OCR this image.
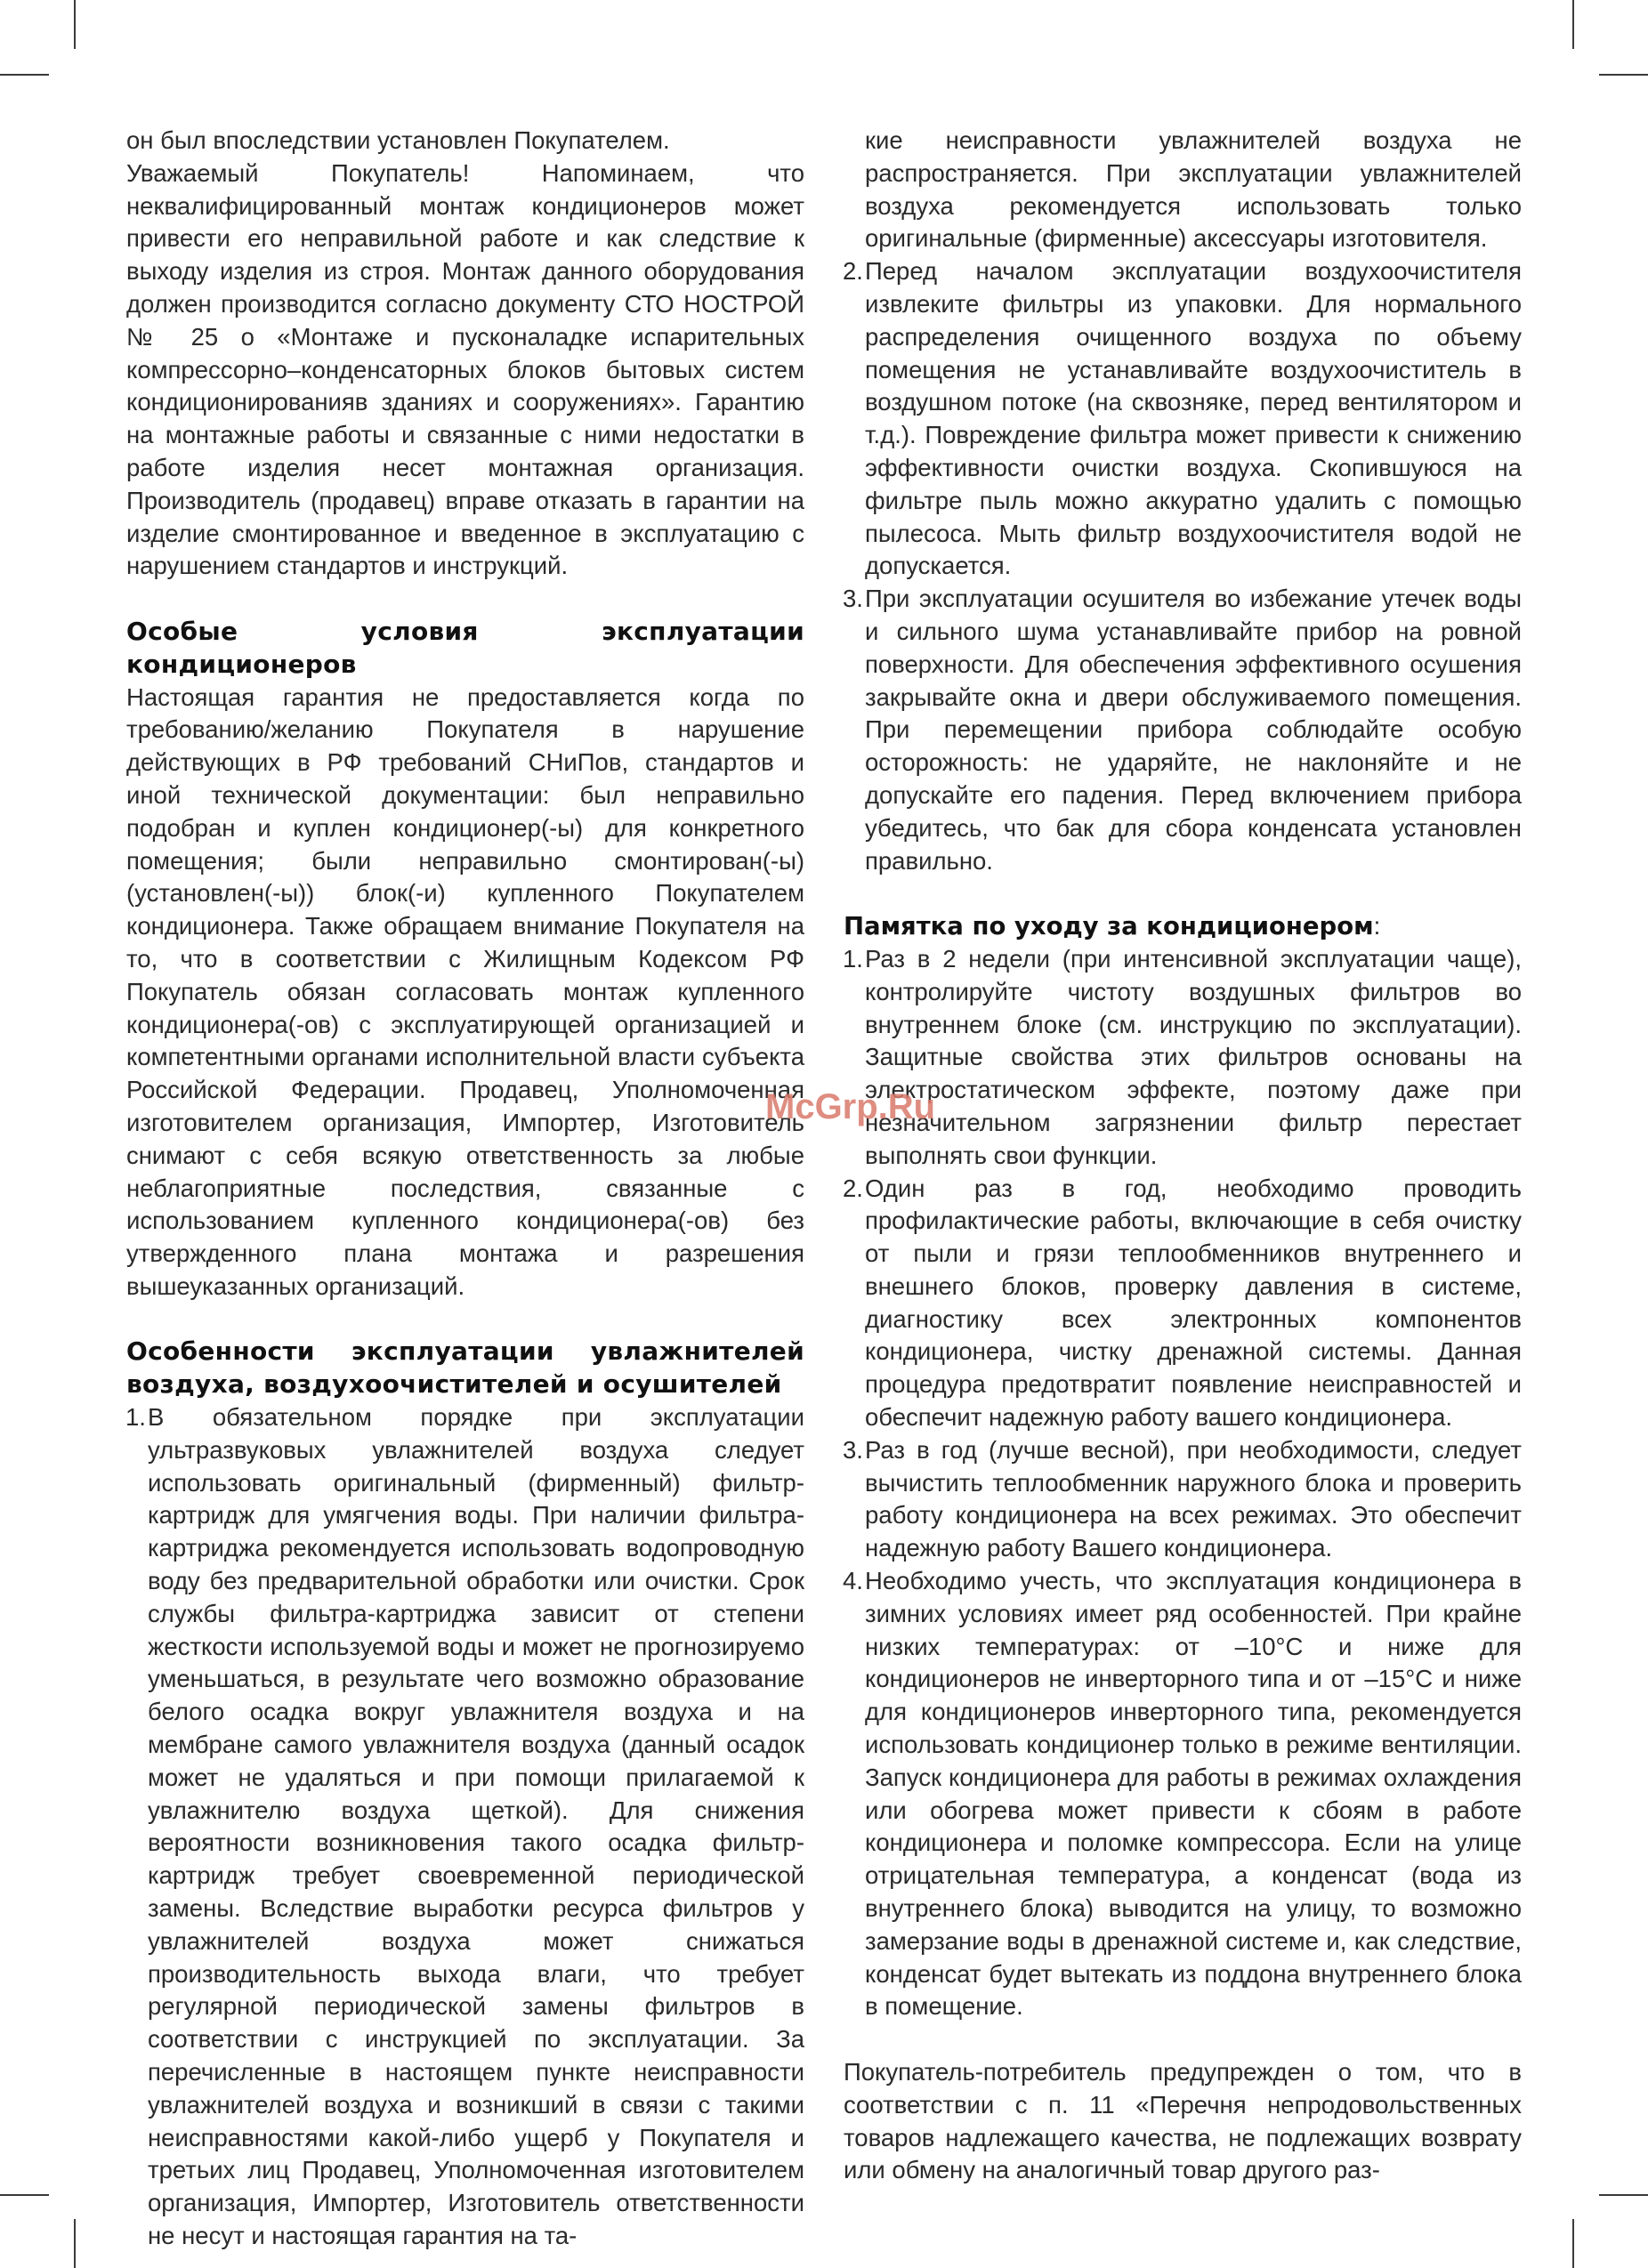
он был впоследствии установлен Покупателем.

Уважаемый Покупатель! Напоминаем, что неквалифицированный монтаж кондиционеров может привести его неправильной работе и как следствие к выходу изделия из строя. Монтаж данного оборудования должен производится согласно документу СТО НОСТРОЙ № 25 о «Монтаже и пусконаладке испарительных компрессорно–конденсаторных блоков бытовых систем кондиционированияв зданиях и сооружениях». Гарантию на монтажные работы и связанные с ними недостатки в работе изделия несет монтажная организация. Производитель (продавец) вправе отказать в гарантии на изделие смонтированное и введенное в эксплуатацию с нарушением стандартов и инструкций.

Особые условия эксплуатации кондиционеров

Настоящая гарантия не предоставляется когда по требованию/желанию Покупателя в нарушение действующих в РФ требований СНиПов, стандартов и иной технической документации: был неправильно подобран и куплен кондиционер(-ы) для конкретного помещения; были неправильно смонтирован(-ы) (установлен(-ы)) блок(-и) купленного Покупателем кондиционера. Также обращаем внимание Покупателя на то, что в соответствии с Жилищным Кодексом РФ Покупатель обязан согласовать монтаж купленного кондиционера(-ов) с эксплуатирующей организацией и компетентными органами исполнительной власти субъекта Российской Федерации. Продавец, Уполномоченная изготовителем организация, Импортер, Изготовитель снимают с себя всякую ответственность за любые неблагоприятные последствия, связанные с использованием купленного кондиционера(-ов) без утвержденного плана монтажа и разрешения вышеуказанных организаций.

Особенности эксплуатации увлажнителей воздуха, воздухоочистителей и осушителей
1. В обязательном порядке при эксплуатации ультразвуковых увлажнителей воздуха следует использовать оригинальный (фирменный) фильтр-картридж для умягчения воды. При наличии фильтра-картриджа рекомендуется использовать водопроводную воду без предварительной обработки или очистки. Срок службы фильтра-картриджа зависит от степени жесткости используемой воды и может не прогнозируемо уменьшаться, в результате чего возможно образование белого осадка вокруг увлажнителя воздуха и на мембране самого увлажнителя воздуха (данный осадок может не удаляться и при помощи прилагаемой к увлажнителю воздуха щеткой). Для снижения вероятности возникновения такого осадка фильтр-картридж требует своевременной периодической замены. Вследствие выработки ресурса фильтров у увлажнителей воздуха может снижаться производительность выхода влаги, что требует регулярной периодической замены фильтров в соответствии с инструкцией по эксплуатации. За перечисленные в настоящем пункте неисправности увлажнителей воздуха и возникший в связи с такими неисправностями какой-либо ущерб у Покупателя и третьих лиц Продавец, Уполномоченная изготовителем организация, Импортер, Изготовитель ответственности не несут и настоящая гарантия на та-

кие неисправности увлажнителей воздуха не распространяется. При эксплуатации увлажнителей воздуха рекомендуется использовать только оригинальные (фирменные) аксессуары изготовителя.

2. Перед началом эксплуатации воздухоочистителя извлеките фильтры из упаковки. Для нормального распределения очищенного воздуха по объему помещения не устанавливайте воздухоочиститель в воздушном потоке (на сквозняке, перед вентилятором и т.д.). Повреждение фильтра может привести к снижению эффективности очистки воздуха. Скопившуюся на фильтре пыль можно аккуратно удалить с помощью пылесоса. Мыть фильтр воздухоочистителя водой не допускается.
3. При эксплуатации осушителя во избежание утечек воды и сильного шума устанавливайте прибор на ровной поверхности. Для обеспечения эффективного осушения закрывайте окна и двери обслуживаемого помещения. При перемещении прибора соблюдайте особую осторожность: не ударяйте, не наклоняйте и не допускайте его падения. Перед включением прибора убедитесь, что бак для сбора конденсата установлен правильно.

Памятка по уходу за кондиционером:

1. Раз в 2 недели (при интенсивной эксплуатации чаще), контролируйте чистоту воздушных фильтров во внутреннем блоке (см. инструкцию по эксплуатации). Защитные свойства этих фильтров основаны на электростатическом эффекте, поэтому даже при незначительном загрязнении фильтр перестает выполнять свои функции.
2. Один раз в год, необходимо проводить профилактические работы, включающие в себя очистку от пыли и грязи теплообменников внутреннего и внешнего блоков, проверку давления в системе, диагностику всех электронных компонентов кондиционера, чистку дренажной системы. Данная процедура предотвратит появление неисправностей и обеспечит надежную работу вашего кондиционера.
3. Раз в год (лучше весной), при необходимости, следует вычистить теплообменник наружного блока и проверить работу кондиционера на всех режимах. Это обеспечит надежную работу Вашего кондиционера.
4. Необходимо учесть, что эксплуатация кондиционера в зимних условиях имеет ряд особенностей. При крайне низких температурах: от –10°С и ниже для кондиционеров не инверторного типа и от –15°С и ниже для кондиционеров инверторного типа, рекомендуется использовать кондиционер только в режиме вентиляции. Запуск кондиционера для работы в режимах охлаждения или обогрева может привести к сбоям в работе кондиционера и поломке компрессора. Если на улице отрицательная температура, а конденсат (вода из внутреннего блока) выводится на улицу, то возможно замерзание воды в дренажной системе и, как следствие, конденсат будет вытекать из поддона внутреннего блока в помещение.

Покупатель-потребитель предупрежден о том, что в соответствии с п. 11 «Перечня непродовольственных товаров надлежащего качества, не подлежащих возврату или обмену на аналогичный товар другого раз-

McGrp.Ru
